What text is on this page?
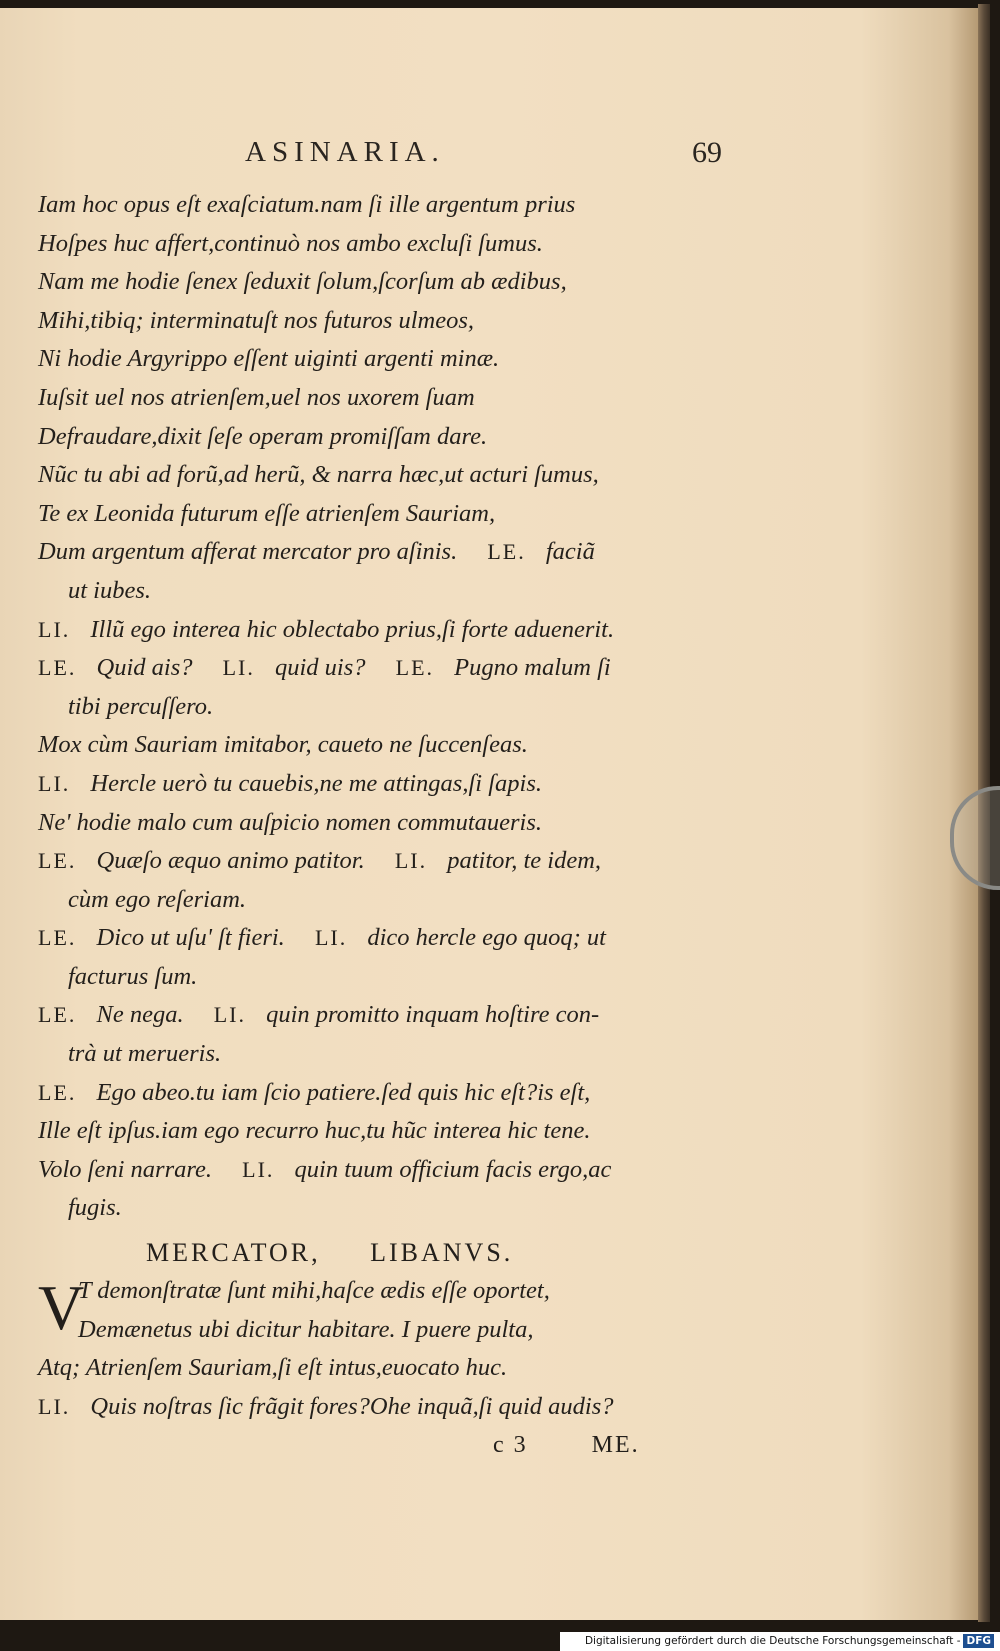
ASINARIA.	69
Iam hoc opus eſt exaſciatum.nam ſi ille argentum prius
Hoſpes huc affert,continuò nos ambo excluſi ſumus.
Nam me hodie ſenex ſeduxit ſolum,ſcorſum ab ædibus,
Mihi,tibiq; interminatuſt nos futuros ulmeos,
Ni hodie Argyrippo eſſent uiginti argenti minæ.
Iuſsit uel nos atrienſem,uel nos uxorem ſuam
Defraudare,dixit ſeſe operam promiſſam dare.
Nũc tu abi ad forũ,ad herũ, & narra hæc,ut acturi ſumus,
Te ex Leonida futurum eſſe atrienſem Sauriam,
Dum argentum afferat mercator pro aſinis. LE. faciã
ut iubes.
LI. Illũ ego interea hic oblectabo prius,ſi forte aduenerit.
LE. Quid ais? LI. quid uis? LE. Pugno malum ſi
tibi percuſſero.
Mox cùm Sauriam imitabor, caueto ne ſuccenſeas.
LI. Hercle uerò tu cauebis,ne me attingas,ſi ſapis.
Ne' hodie malo cum auſpicio nomen commutaueris.
LE. Quæſo æquo animo patitor. LI. patitor, te idem,
cùm ego reſeriam.
LE. Dico ut uſu' ſt fieri. LI. dico hercle ego quoq; ut
facturus ſum.
LE. Ne nega. LI. quin promitto inquam hoſtire con-
trà ut merueris.
LE. Ego abeo.tu iam ſcio patiere.ſed quis hic eſt?is eſt,
Ille eſt ipſus.iam ego recurro huc,tu hũc interea hic tene.
Volo ſeni narrare. LI. quin tuum officium facis ergo,ac
fugis.
MERCATOR, LIBANVS.
V
T demonſtratæ ſunt mihi,haſce ædis eſſe oportet,
Demænetus ubi dicitur habitare. I puere pulta,
Atq; Atrienſem Sauriam,ſi eſt intus,euocato huc.
LI. Quis noſtras ſic frãgit fores?Ohe inquã,ſi quid audis?
c 3	ME.
Digitalisierung gefördert durch die Deutsche Forschungsgemeinschaft - DFG
